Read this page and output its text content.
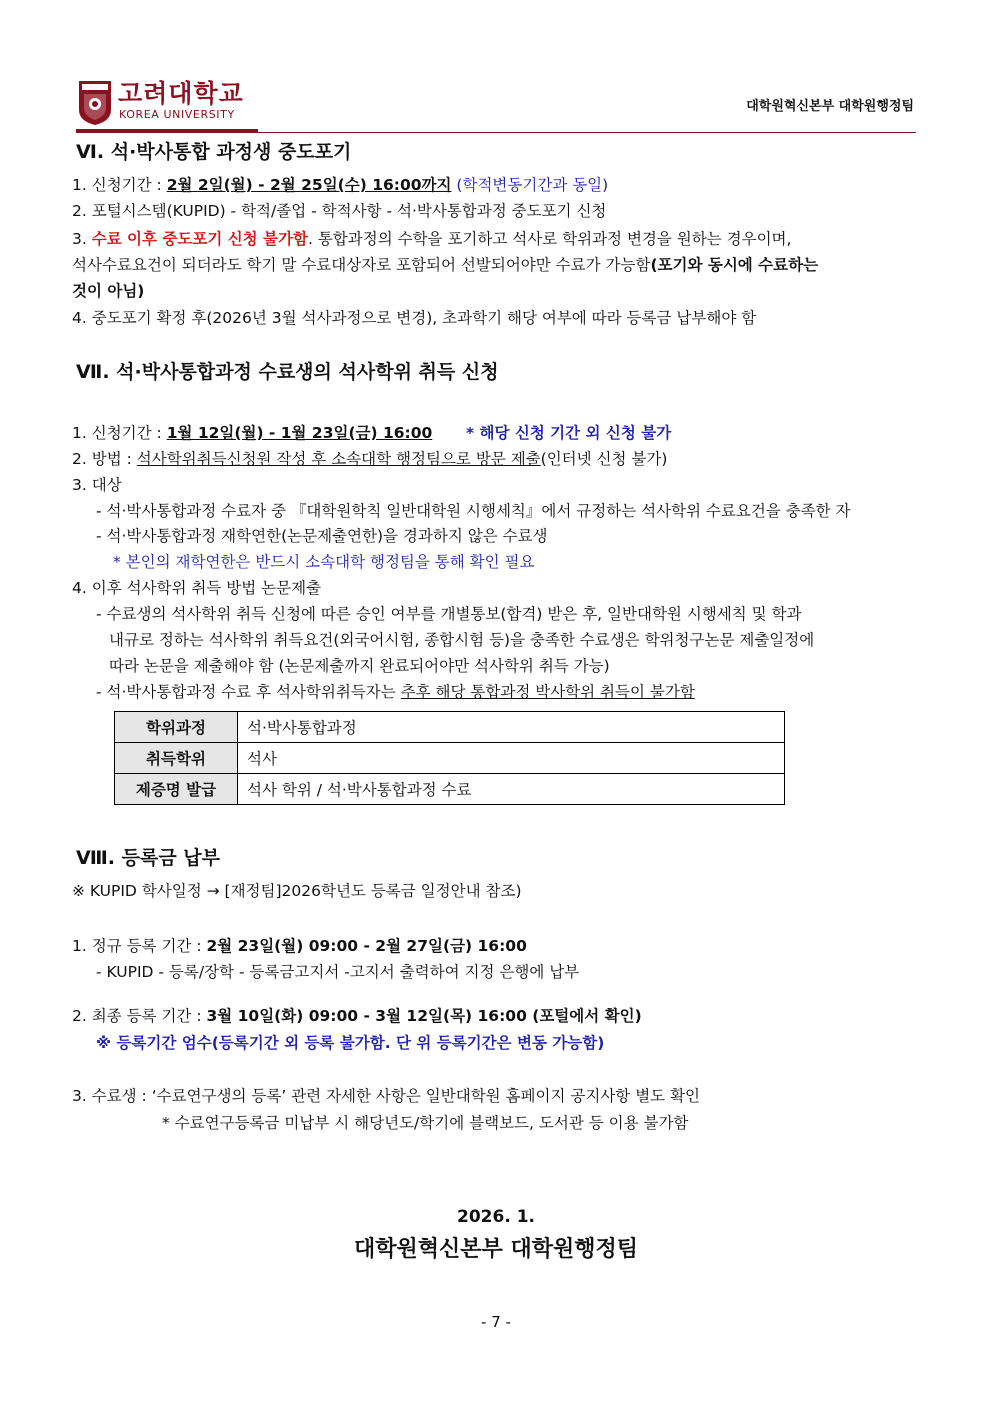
고려대학교
KOREA UNIVERSITY
대학원혁신본부 대학원행정팀
Ⅵ. 석·박사통합 과정생 중도포기
1. 신청기간 : 2월 2일(월) - 2월 25일(수) 16:00까지 (학적변동기간과 동일)
2. 포털시스템(KUPID) - 학적/졸업 - 학적사항 - 석·박사통합과정 중도포기 신청
3. 수료 이후 중도포기 신청 불가함. 통합과정의 수학을 포기하고 석사로 학위과정 변경을 원하는 경우이며,
석사수료요건이 되더라도 학기 말 수료대상자로 포함되어 선발되어야만 수료가 가능함(포기와 동시에 수료하는
것이 아님)
4. 중도포기 확정 후(2026년 3월 석사과정으로 변경), 초과학기 해당 여부에 따라 등록금 납부해야 함
Ⅶ. 석·박사통합과정 수료생의 석사학위 취득 신청
1. 신청기간 : 1월 12일(월) - 1월 23일(금) 16:00 * 해당 신청 기간 외 신청 불가
2. 방법 : 석사학위취득신청원 작성 후 소속대학 행정팀으로 방문 제출(인터넷 신청 불가)
3. 대상
- 석·박사통합과정 수료자 중 『대학원학칙 일반대학원 시행세칙』에서 규정하는 석사학위 수료요건을 충족한 자
- 석·박사통합과정 재학연한(논문제출연한)을 경과하지 않은 수료생
* 본인의 재학연한은 반드시 소속대학 행정팀을 통해 확인 필요
4. 이후 석사학위 취득 방법 논문제출
- 수료생의 석사학위 취득 신청에 따른 승인 여부를 개별통보(합격) 받은 후, 일반대학원 시행세칙 및 학과
내규로 정하는 석사학위 취득요건(외국어시험, 종합시험 등)을 충족한 수료생은 학위청구논문 제출일정에
따라 논문을 제출해야 함 (논문제출까지 완료되어야만 석사학위 취득 가능)
- 석·박사통합과정 수료 후 석사학위취득자는 추후 해당 통합과정 박사학위 취득이 불가함
학위과정	석·박사통합과정
취득학위	석사
제증명 발급	석사 학위 / 석·박사통합과정 수료
Ⅷ. 등록금 납부
※ KUPID 학사일정 → [재정팀]2026학년도 등록금 일정안내 참조)
1. 정규 등록 기간 : 2월 23일(월) 09:00 - 2월 27일(금) 16:00
- KUPID - 등록/장학 - 등록금고지서 -고지서 출력하여 지정 은행에 납부
2. 최종 등록 기간 : 3월 10일(화) 09:00 - 3월 12일(목) 16:00 (포털에서 확인)
※ 등록기간 엄수(등록기간 외 등록 불가함. 단 위 등록기간은 변동 가능함)
3. 수료생 : ‘수료연구생의 등록’ 관련 자세한 사항은 일반대학원 홈페이지 공지사항 별도 확인
* 수료연구등록금 미납부 시 해당년도/학기에 블랙보드, 도서관 등 이용 불가함
2026. 1.
대학원혁신본부 대학원행정팀
- 7 -
